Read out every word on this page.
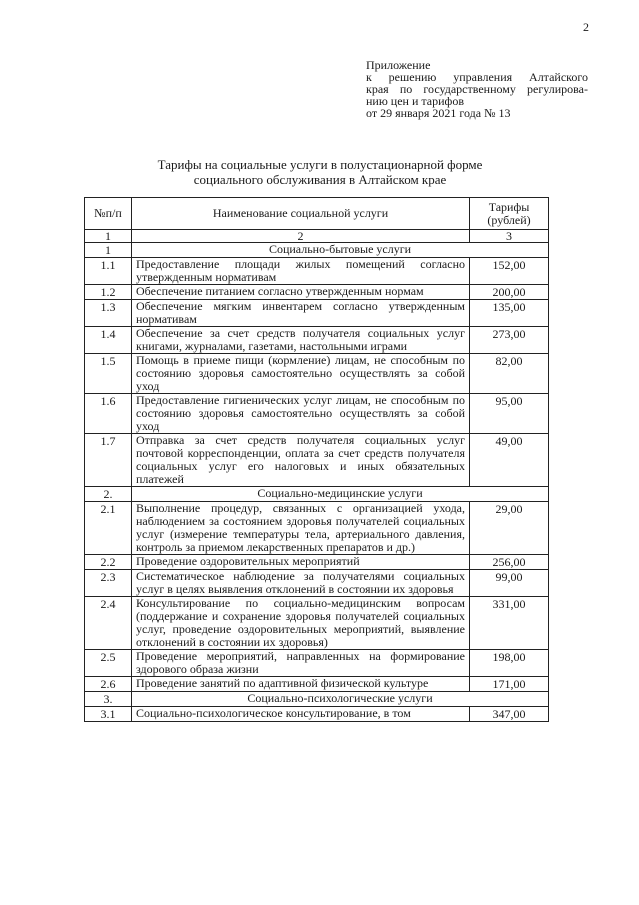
2
Приложение
к решению управления Алтайского
края по государственному регулирова-
нию цен и тарифов
от 29 января 2021 года № 13
Тарифы на социальные услуги в полустационарной форме
социального обслуживания в Алтайском крае
№п/п	Наименование социальной услуги	Тарифы (рублей)
1	2	3
1	Социально-бытовые услуги	
1.1	Предоставление площади жилых помещений согласно утвержденным нормативам	152,00
1.2	Обеспечение питанием согласно утвержденным нормам	200,00
1.3	Обеспечение мягким инвентарем согласно утвержденным нормативам	135,00
1.4	Обеспечение за счет средств получателя социальных услуг книгами, журналами, газетами, настольными играми	273,00
1.5	Помощь в приеме пищи (кормление) лицам, не способным по состоянию здоровья самостоятельно осуществлять за собой уход	82,00
1.6	Предоставление гигиенических услуг лицам, не способным по состоянию здоровья самостоятельно осуществлять за собой уход	95,00
1.7	Отправка за счет средств получателя социальных услуг почтовой корреспонденции, оплата за счет средств получателя социальных услуг его налоговых и иных обязательных платежей	49,00
2.	Социально-медицинские услуги	
2.1	Выполнение процедур, связанных с организацией ухода, наблюдением за состоянием здоровья получателей социальных услуг (измерение температуры тела, артериального давления, контроль за приемом лекарственных препаратов и др.)	29,00
2.2	Проведение оздоровительных мероприятий	256,00
2.3	Систематическое наблюдение за получателями социальных услуг в целях выявления отклонений в состоянии их здоровья	99,00
2.4	Консультирование по социально-медицинским вопросам (поддержание и сохранение здоровья получателей социальных услуг, проведение оздоровительных мероприятий, выявление отклонений в состоянии их здоровья)	331,00
2.5	Проведение мероприятий, направленных на формирование здорового образа жизни	198,00
2.6	Проведение занятий по адаптивной физической культуре	171,00
3.	Социально-психологические услуги	
3.1	Социально-психологическое консультирование, в том	347,00
